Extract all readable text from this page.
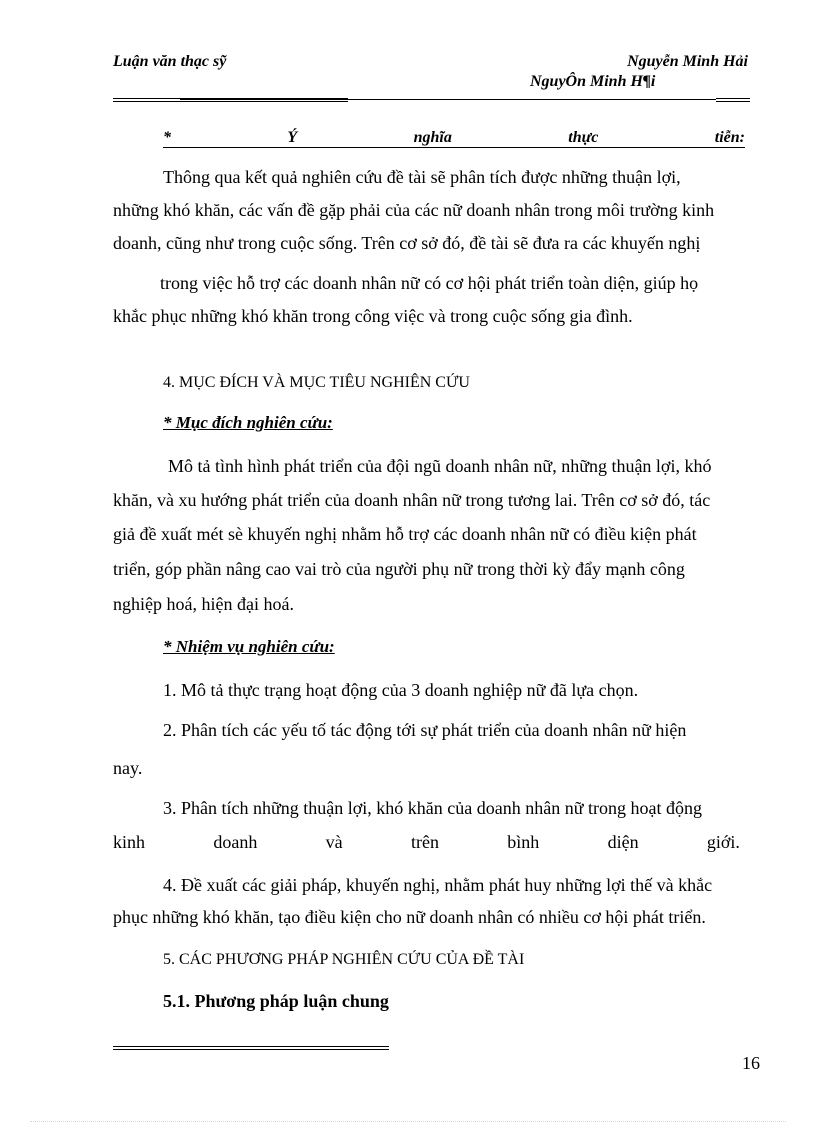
Luận văn thạc sỹ	Nguyễn Minh Hải
NguyÔn Minh H¶i
*	Ý	nghĩa	thực	tiễn:
Thông qua kết quả nghiên cứu đề tài sẽ phân tích được những thuận lợi,
những khó khăn, các vấn đề gặp phải của các nữ doanh nhân trong môi trường kinh
doanh, cũng như trong cuộc sống. Trên cơ sở đó, đề tài sẽ đưa ra các khuyến nghị
trong việc hỗ trợ các doanh nhân nữ có cơ hội phát triển toàn diện, giúp họ
khắc phục những khó khăn trong công việc và trong cuộc sống gia đình.
4. MỤC ĐÍCH VÀ MỤC TIÊU NGHIÊN CỨU
* Mục đích nghiên cứu:
Mô tả tình hình phát triển của đội ngũ doanh nhân nữ, những thuận lợi, khó
khăn, và xu hướng phát triển của doanh nhân nữ trong tương lai. Trên cơ sở đó, tác
giả đề xuất mét sè khuyến nghị nhằm hỗ trợ các doanh nhân nữ có điều kiện phát
triển, góp phần nâng cao vai trò của người phụ nữ trong thời kỳ đẩy mạnh công
nghiệp hoá, hiện đại hoá.
* Nhiệm vụ nghiên cứu:
1. Mô tả thực trạng hoạt động của 3 doanh nghiệp nữ đã lựa chọn.
2. Phân tích các yếu tố tác động tới sự phát triển của doanh nhân nữ hiện
nay.
3. Phân tích những thuận lợi, khó khăn của doanh nhân nữ trong hoạt động
kinh	doanh	và	trên	bình	diện	giới.
4. Đề xuất các giải pháp, khuyến nghị, nhằm phát huy những lợi thế và khắc
phục những khó khăn, tạo điều kiện cho nữ doanh nhân có nhiều cơ hội phát triển.
5. CÁC PHƯƠNG PHÁP NGHIÊN CỨU CỦA ĐỀ TÀI
5.1. Phương pháp luận chung
16
